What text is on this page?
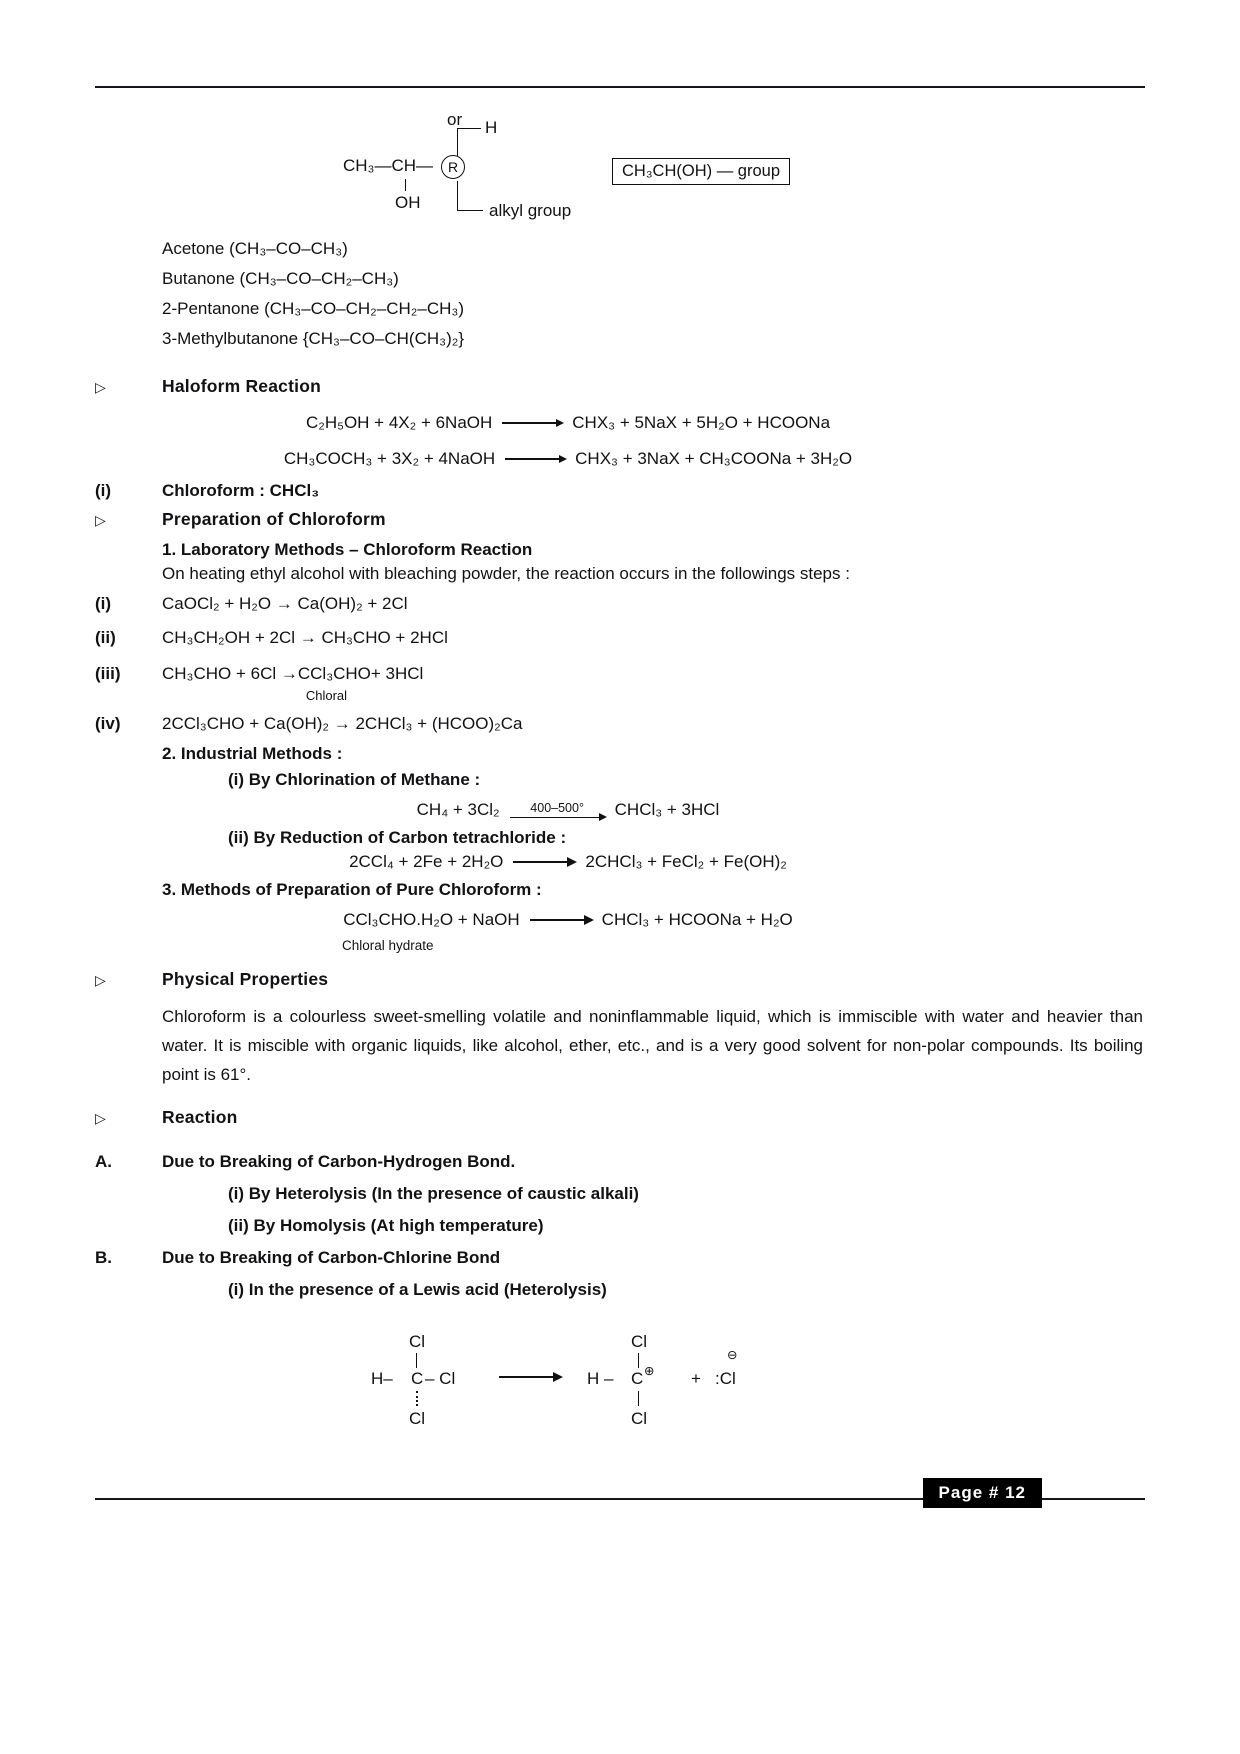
or H
CH₃—CH—	R
OH	alkyl group
CH₃CH(OH) — group
Acetone (CH₃–CO–CH₃)
Butanone (CH₃–CO–CH₂–CH₃)
2-Pentanone (CH₃–CO–CH₂–CH₂–CH₃)
3-Methylbutanone {CH₃–CO–CH(CH₃)₂}
▷	Haloform Reaction
C₂H₅OH + 4X₂ + 6NaOH	CHX₃ + 5NaX + 5H₂O + HCOONa
CH₃COCH₃ + 3X₂ + 4NaOH	CHX₃ + 3NaX + CH₃COONa + 3H₂O
(i)	Chloroform : CHCl₃
▷	Preparation of Chloroform
1. Laboratory Methods – Chloroform Reaction
On heating ethyl alcohol with bleaching powder, the reaction occurs in the followings steps :
(i)	CaOCl₂ + H₂O → Ca(OH)₂ + 2Cl
(ii)	CH₃CH₂OH + 2Cl → CH₃CHO + 2HCl
(iii)	CH₃CHO + 6Cl → CCl₃CHO
Chloral
+ 3HCl
(iv)	2CCl₃CHO + Ca(OH)₂ → 2CHCl₃ + (HCOO)₂Ca
2. Industrial Methods :
(i) By Chlorination of Methane :
CH₄ + 3Cl₂ 400–500° CHCl₃ + 3HCl
(ii) By Reduction of Carbon tetrachloride :
2CCl₄ + 2Fe + 2H₂O	2CHCl₃ + FeCl₂ + Fe(OH)₂
3. Methods of Preparation of Pure Chloroform :
CCl₃CHO.H₂O + NaOH	CHCl₃ + HCOONa + H₂O
Chloral hydrate
▷	Physical Properties
Chloroform is a colourless sweet-smelling volatile and noninflammable liquid, which is immiscible with water and heavier than water. It is miscible with organic liquids, like alcohol, ether, etc., and is a very good solvent for non-polar compounds. Its boiling point is 61°.
▷	Reaction
A.	Due to Breaking of Carbon-Hydrogen Bond.
(i) By Heterolysis (In the presence of caustic alkali)
(ii) By Homolysis (At high temperature)
B.	Due to Breaking of Carbon-Chlorine Bond
(i) In the presence of a Lewis acid (Heterolysis)
Cl
H– C – Cl
Cl
Cl
H – C ⊕
Cl
+ :Cl
⊖
Page # 12
